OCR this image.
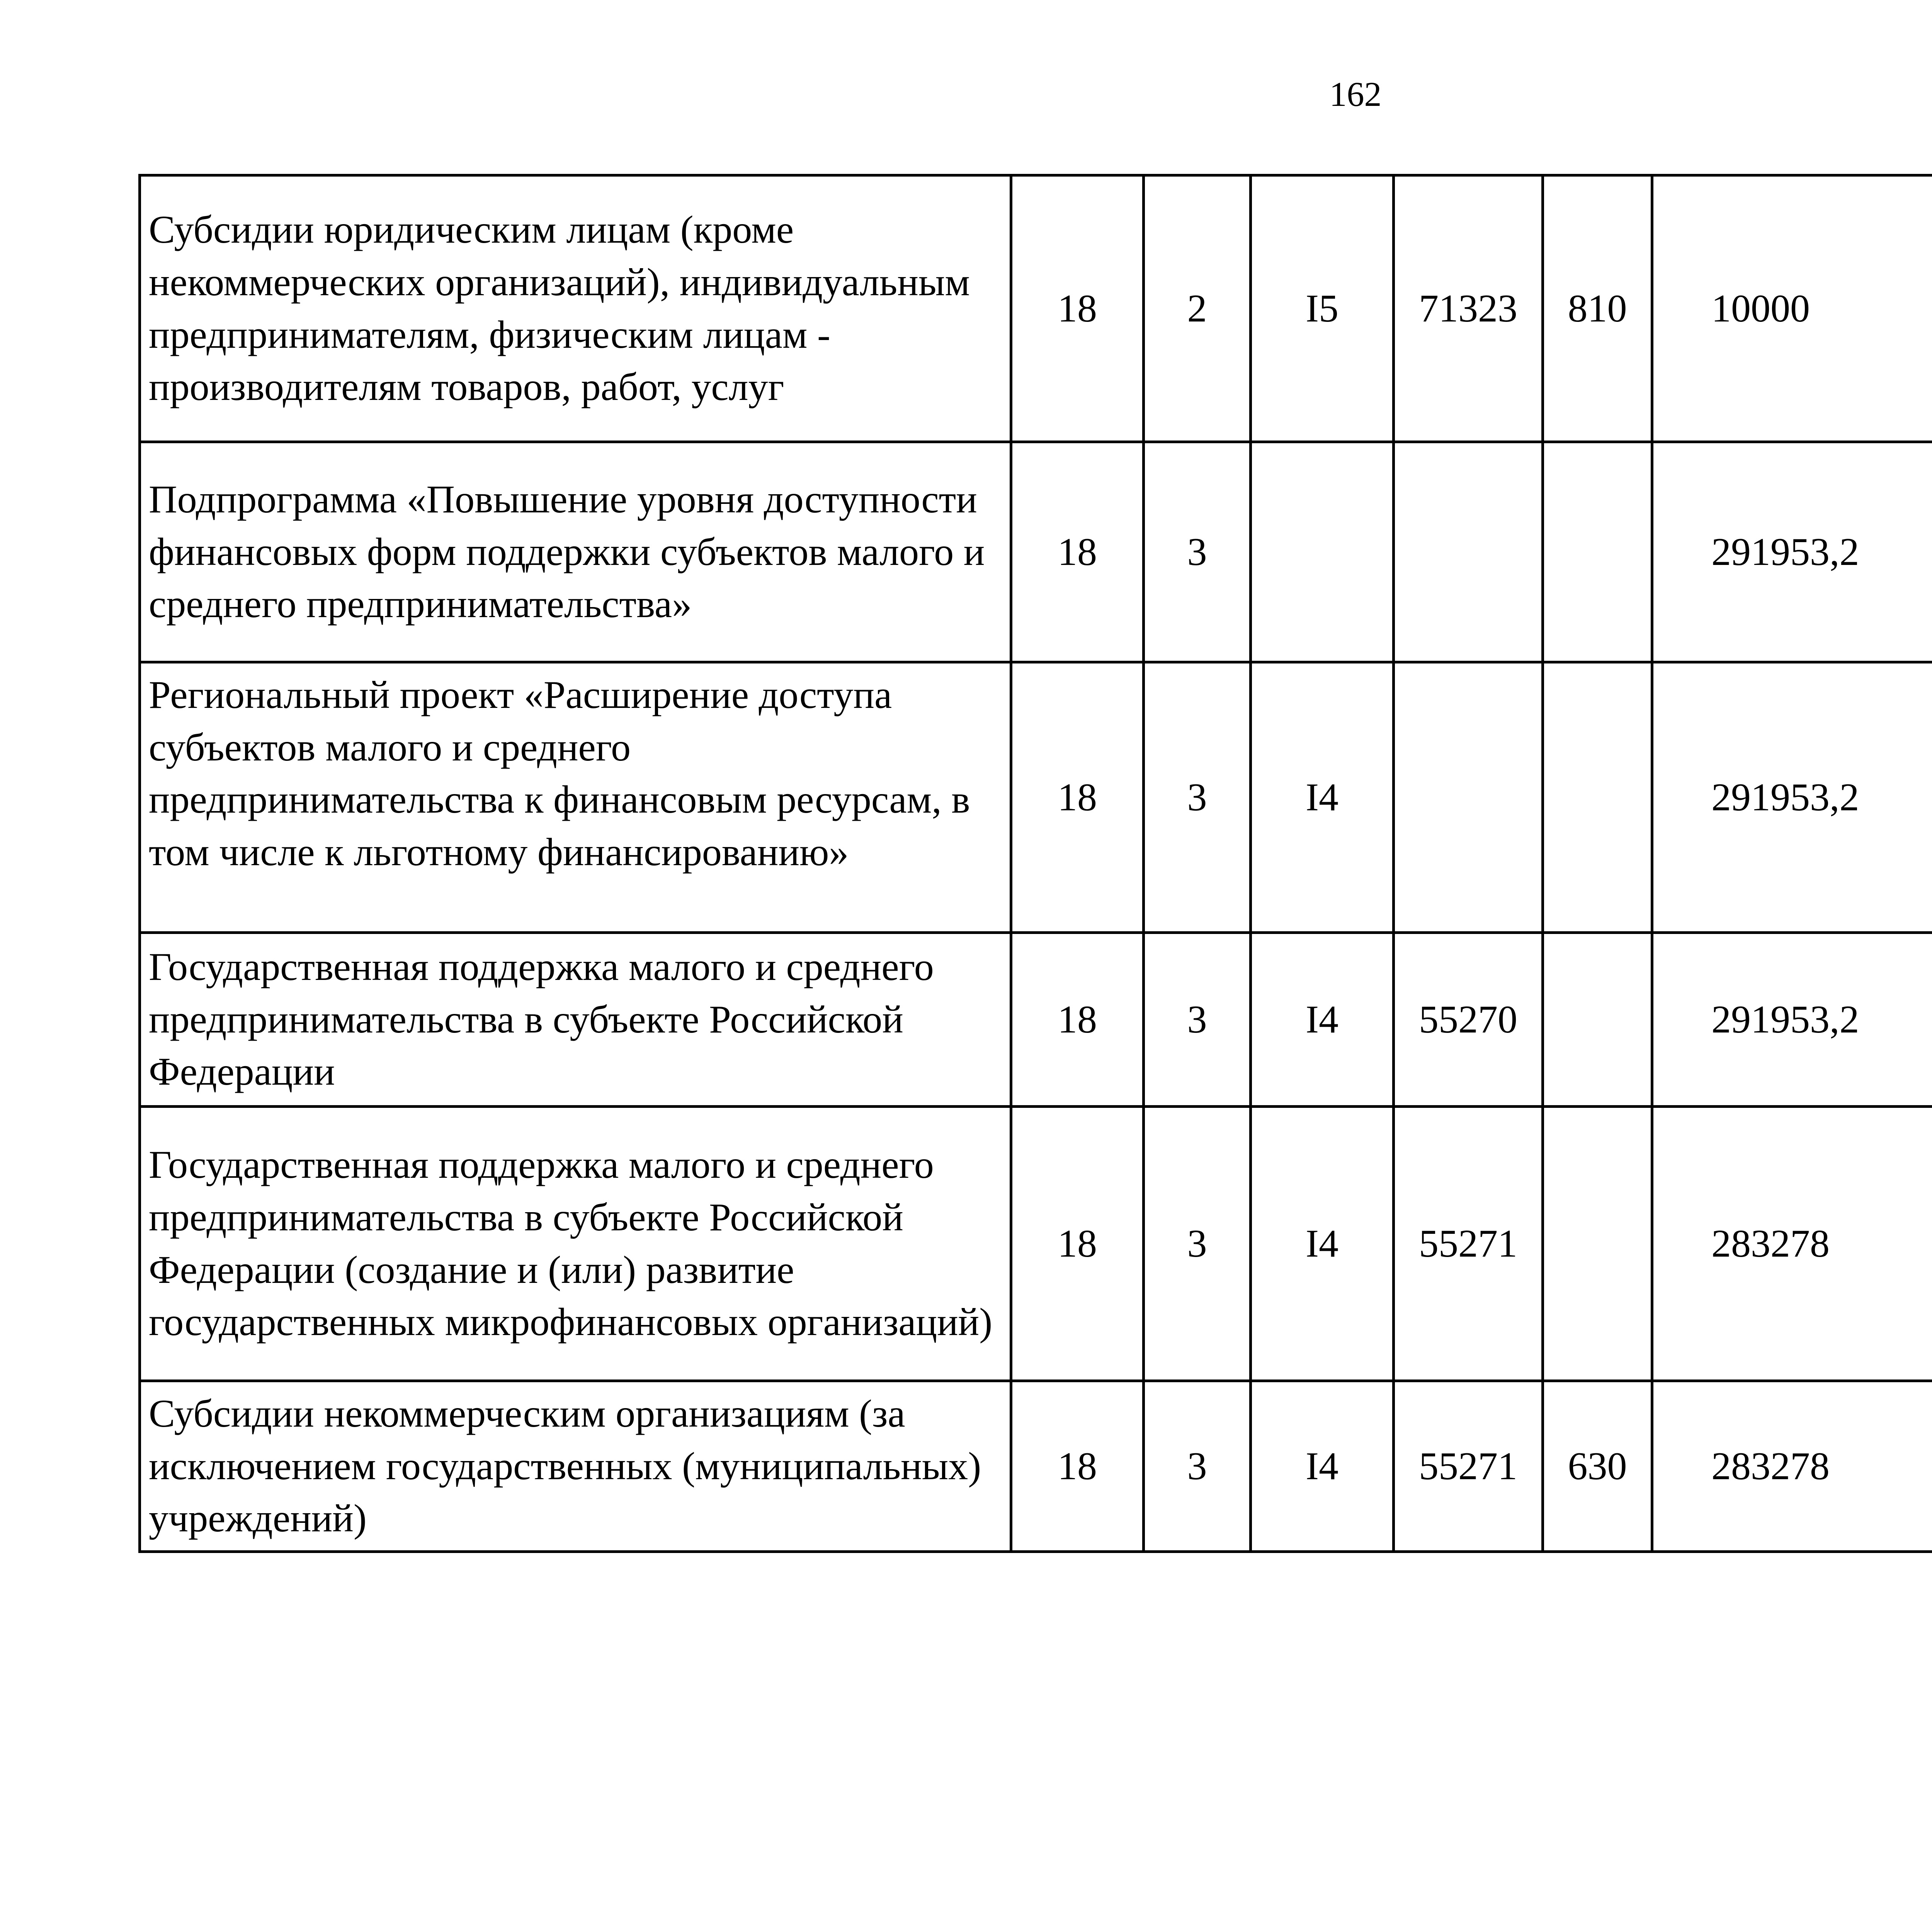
162
Субсидии юридическим лицам (кроме некоммерческих организаций), индивидуальным предпринимателям, физическим лицам - производителям товаров, работ, услуг	18	2	I5	71323	810	10000		
Подпрограмма «Повышение уровня доступности финансовых форм поддержки субъектов малого и среднего предпринимательства»	18	3				291953,2		
Региональный проект «Расширение доступа субъектов малого и среднего предпринимательства к финансовым ресурсам, в том числе к льготному финансированию»	18	3	I4			291953,2		
Государственная поддержка малого и среднего предпринимательства в субъекте Российской Федерации	18	3	I4	55270		291953,2		
Государственная поддержка малого и среднего предпринимательства в субъекте Российской Федерации (создание и (или) развитие государственных микрофинансовых организаций)	18	3	I4	55271		283278		
Субсидии некоммерческим организациям (за исключением государственных (муниципальных) учреждений)	18	3	I4	55271	630	283278		
